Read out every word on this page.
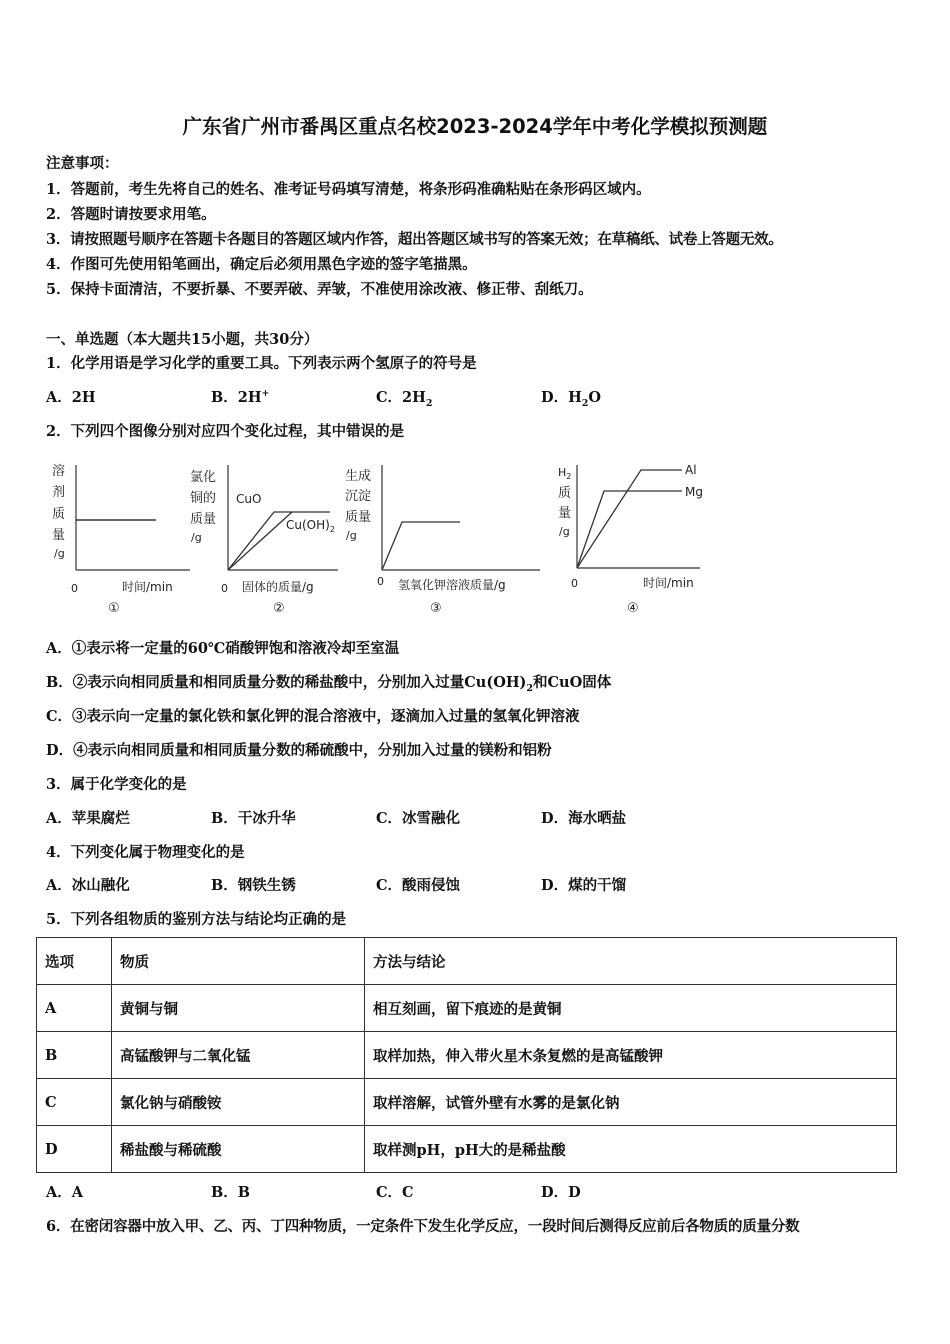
广东省广州市番禺区重点名校2023-2024学年中考化学模拟预测题
注意事项：
1．答题前，考生先将自己的姓名、准考证号码填写清楚，将条形码准确粘贴在条形码区域内。
2．答题时请按要求用笔。
3．请按照题号顺序在答题卡各题目的答题区域内作答，超出答题区域书写的答案无效；在草稿纸、试卷上答题无效。
4．作图可先使用铅笔画出，确定后必须用黑色字迹的签字笔描黑。
5．保持卡面清洁，不要折暴、不要弄破、弄皱，不准使用涂改液、修正带、刮纸刀。
一、单选题（本大题共15小题，共30分）
1．化学用语是学习化学的重要工具。下列表示两个氢原子的符号是
A．2H	B．2H+	C．$2H_2$	D．$H_2O$
2．下列四个图像分别对应四个变化过程，其中错误的是
溶
剂
质
量
/g
0	时间/min
①
氯化
铜的
质量
/g
CuO
$Cu(OH)_2$
0 固体的质量/g
②
生成
沉淀
质量
/g
0 氢氧化钾溶液质量/g
③
$H_2$
质
量
/g
Al
Mg
0	时间/min
④
A．①表示将一定量的60℃硝酸钾饱和溶液冷却至室温
B．②表示向相同质量和相同质量分数的稀盐酸中，分别加入过量$Cu(OH)_2$和CuO固体
C．③表示向一定量的氯化铁和氯化钾的混合溶液中，逐滴加入过量的氢氧化钾溶液
D．④表示向相同质量和相同质量分数的稀硫酸中，分别加入过量的镁粉和铝粉
3．属于化学变化的是
A．苹果腐烂	B．干冰升华	C．冰雪融化	D．海水晒盐
4．下列变化属于物理变化的是
A．冰山融化	B．钢铁生锈	C．酸雨侵蚀	D．煤的干馏
5．下列各组物质的鉴别方法与结论均正确的是
选项	物质	方法与结论
A	黄铜与铜	相互刻画，留下痕迹的是黄铜
B	高锰酸钾与二氧化锰	取样加热，伸入带火星木条复燃的是高锰酸钾
C	氯化钠与硝酸铵	取样溶解，试管外壁有水雾的是氯化钠
D	稀盐酸与稀硫酸	取样测pH，pH大的是稀盐酸
A．A	B．B	C．C	D．D
6．在密闭容器中放入甲、乙、丙、丁四种物质，一定条件下发生化学反应，一段时间后测得反应前后各物质的质量分数
